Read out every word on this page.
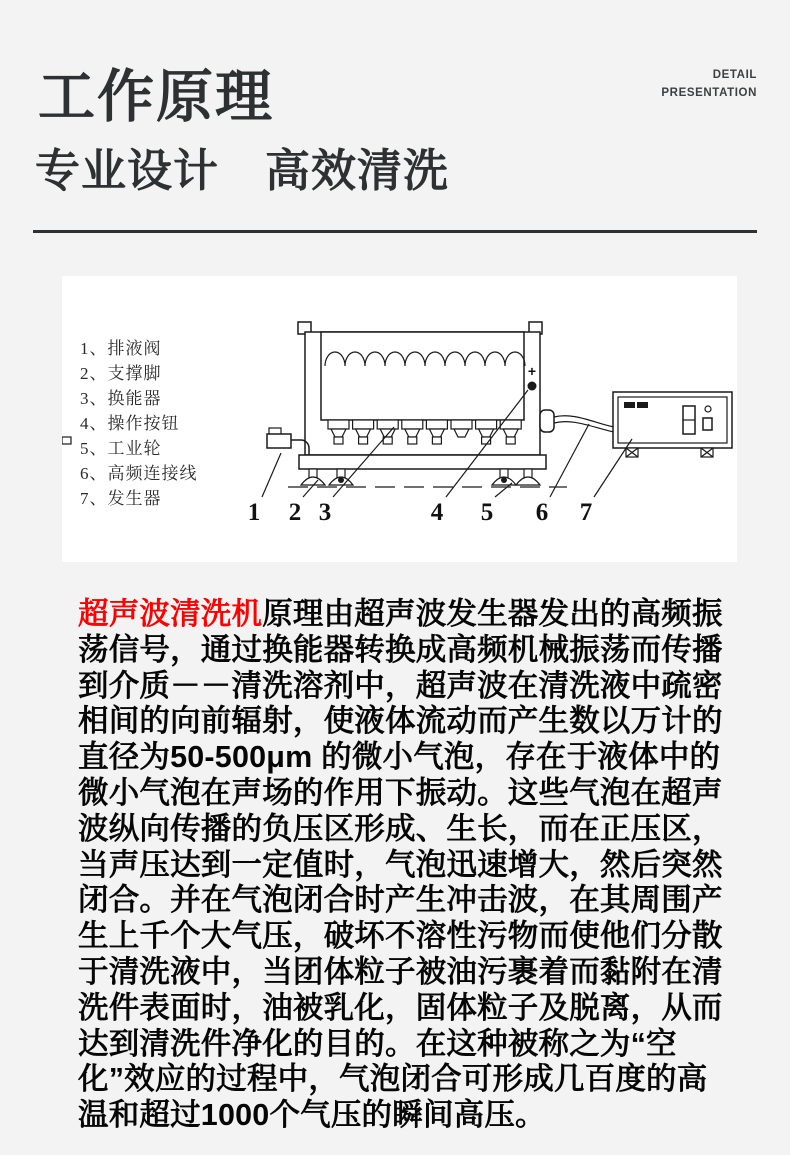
工作原理	DETAIL
PRESENTATION
专业设计　高效清洗
1、排液阀
2、支撑脚
3、换能器
4、操作按钮
5、工业轮
6、高频连接线
7、发生器
+
1 2 3	4 5 6 7
超声波清洗机原理由超声波发生器发出的高频振
荡信号，通过换能器转换成高频机械振荡而传播
到介质－－清洗溶剂中，超声波在清洗液中疏密
相间的向前辐射，使液体流动而产生数以万计的
直径为50-500μm 的微小气泡，存在于液体中的
微小气泡在声场的作用下振动。这些气泡在超声
波纵向传播的负压区形成、生长，而在正压区，
当声压达到一定值时，气泡迅速增大，然后突然
闭合。并在气泡闭合时产生冲击波，在其周围产
生上千个大气压，破坏不溶性污物而使他们分散
于清洗液中，当团体粒子被油污裹着而黏附在清
洗件表面时，油被乳化，固体粒子及脱离，从而
达到清洗件净化的目的。在这种被称之为“空
化”效应的过程中，气泡闭合可形成几百度的高
温和超过1000个气压的瞬间高压。
